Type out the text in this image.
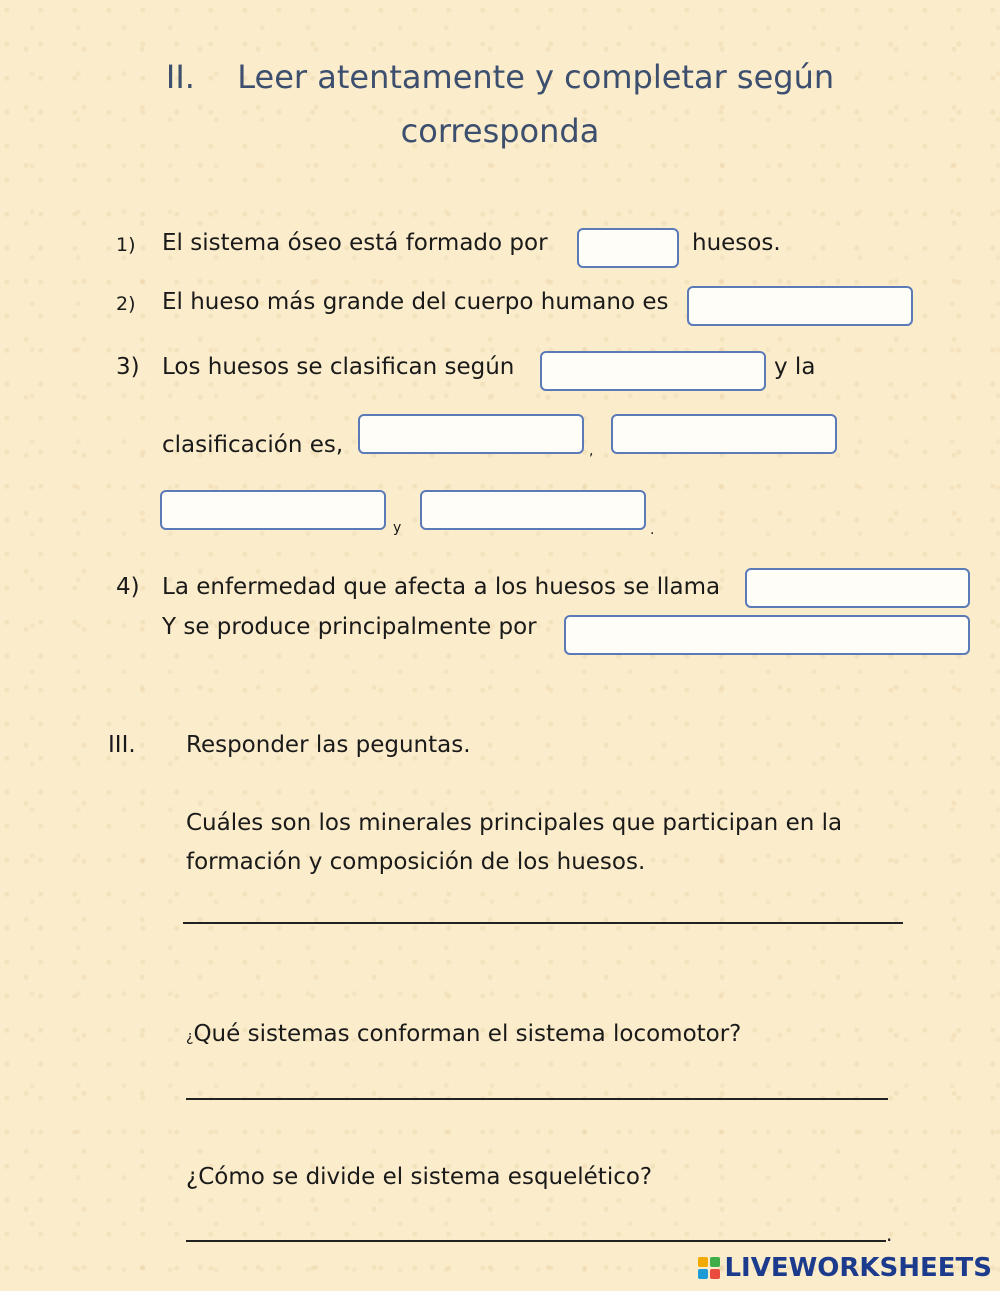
II. Leer atentamente y completar según
corresponda
1) El sistema óseo está formado por	huesos.
2) El hueso más grande del cuerpo humano es
3) Los huesos se clasifican según	y la
clasificación es,	,
y	.
4) La enfermedad que afecta a los huesos se llama
Y se produce principalmente por
III. Responder las peguntas.
Cuáles son los minerales principales que participan en la
formación y composición de los huesos.
¿Qué sistemas conforman el sistema locomotor?
¿Cómo se divide el sistema esquelético?
.
LIVEWORKSHEETS
